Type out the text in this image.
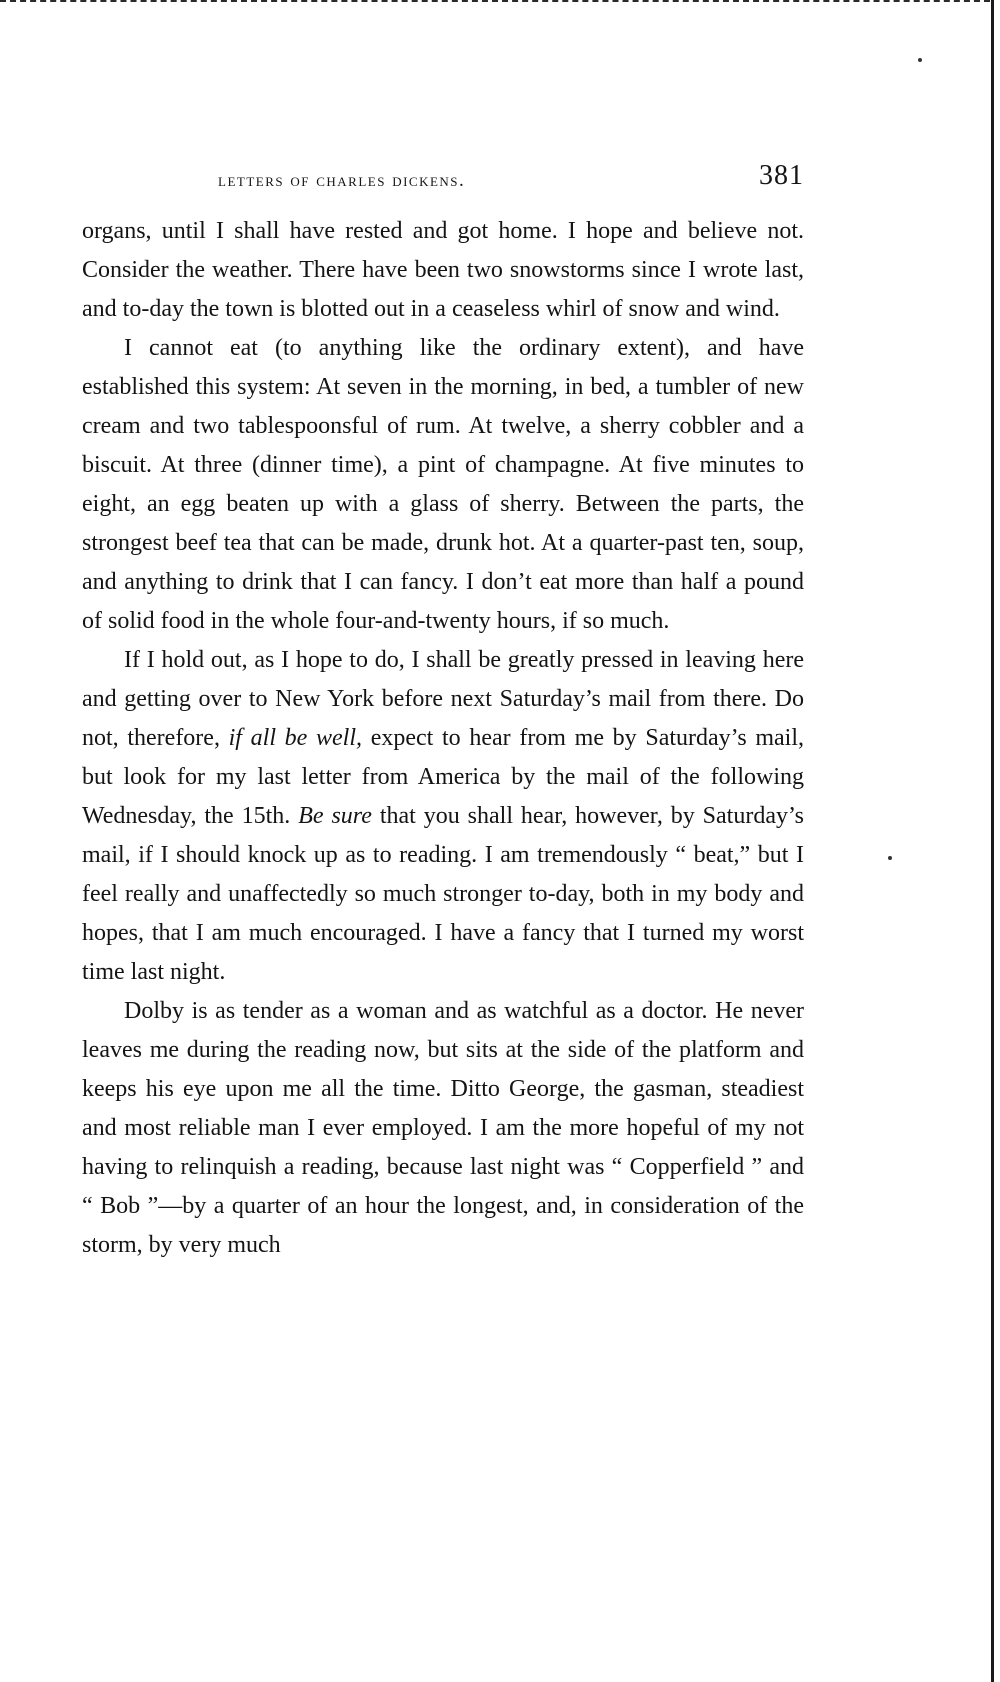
letters of charles dickens.	381

organs, until I shall have rested and got home. I hope and believe not. Consider the weather. There have been two snowstorms since I wrote last, and to-day the town is blotted out in a ceaseless whirl of snow and wind.

I cannot eat (to anything like the ordinary extent), and have established this system: At seven in the morning, in bed, a tumbler of new cream and two tablespoonsful of rum. At twelve, a sherry cobbler and a biscuit. At three (dinner time), a pint of champagne. At five minutes to eight, an egg beaten up with a glass of sherry. Between the parts, the strongest beef tea that can be made, drunk hot. At a quarter-past ten, soup, and anything to drink that I can fancy. I don’t eat more than half a pound of solid food in the whole four-and-twenty hours, if so much.

If I hold out, as I hope to do, I shall be greatly pressed in leaving here and getting over to New York before next Saturday’s mail from there. Do not, therefore, if all be well, expect to hear from me by Saturday’s mail, but look for my last letter from America by the mail of the following Wednesday, the 15th. Be sure that you shall hear, however, by Saturday’s mail, if I should knock up as to reading. I am tremendously “ beat,” but I feel really and unaffectedly so much stronger to-day, both in my body and hopes, that I am much encouraged. I have a fancy that I turned my worst time last night.

Dolby is as tender as a woman and as watchful as a doctor. He never leaves me during the reading now, but sits at the side of the platform and keeps his eye upon me all the time. Ditto George, the gasman, steadiest and most reliable man I ever employed. I am the more hopeful of my not having to relinquish a reading, because last night was “ Copperfield ” and “ Bob ”—by a quarter of an hour the longest, and, in consideration of the storm, by very much
